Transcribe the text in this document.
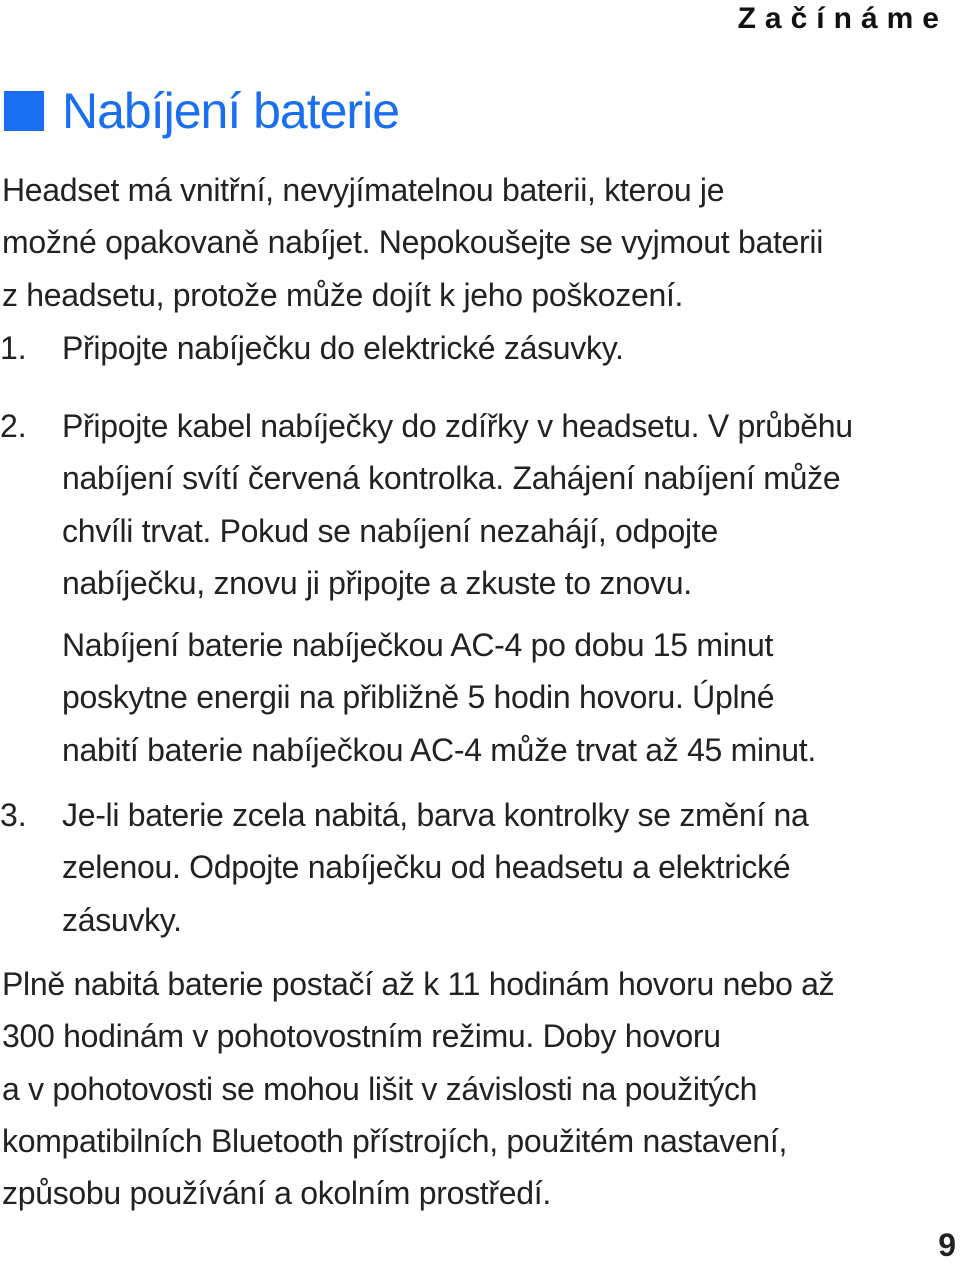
Začínáme
Nabíjení baterie
Headset má vnitřní, nevyjímatelnou baterii, kterou je
možné opakovaně nabíjet. Nepokoušejte se vyjmout baterii
z headsetu, protože může dojít k jeho poškození.
1. Připojte nabíječku do elektrické zásuvky.
2. Připojte kabel nabíječky do zdířky v headsetu. V průběhu
nabíjení svítí červená kontrolka. Zahájení nabíjení může
chvíli trvat. Pokud se nabíjení nezahájí, odpojte
nabíječku, znovu ji připojte a zkuste to znovu.
Nabíjení baterie nabíječkou AC-4 po dobu 15 minut
poskytne energii na přibližně 5 hodin hovoru. Úplné
nabití baterie nabíječkou AC-4 může trvat až 45 minut.
3. Je-li baterie zcela nabitá, barva kontrolky se změní na
zelenou. Odpojte nabíječku od headsetu a elektrické
zásuvky.
Plně nabitá baterie postačí až k 11 hodinám hovoru nebo až
300 hodinám v pohotovostním režimu. Doby hovoru
a v pohotovosti se mohou lišit v závislosti na použitých
kompatibilních Bluetooth přístrojích, použitém nastavení,
způsobu používání a okolním prostředí.
9
